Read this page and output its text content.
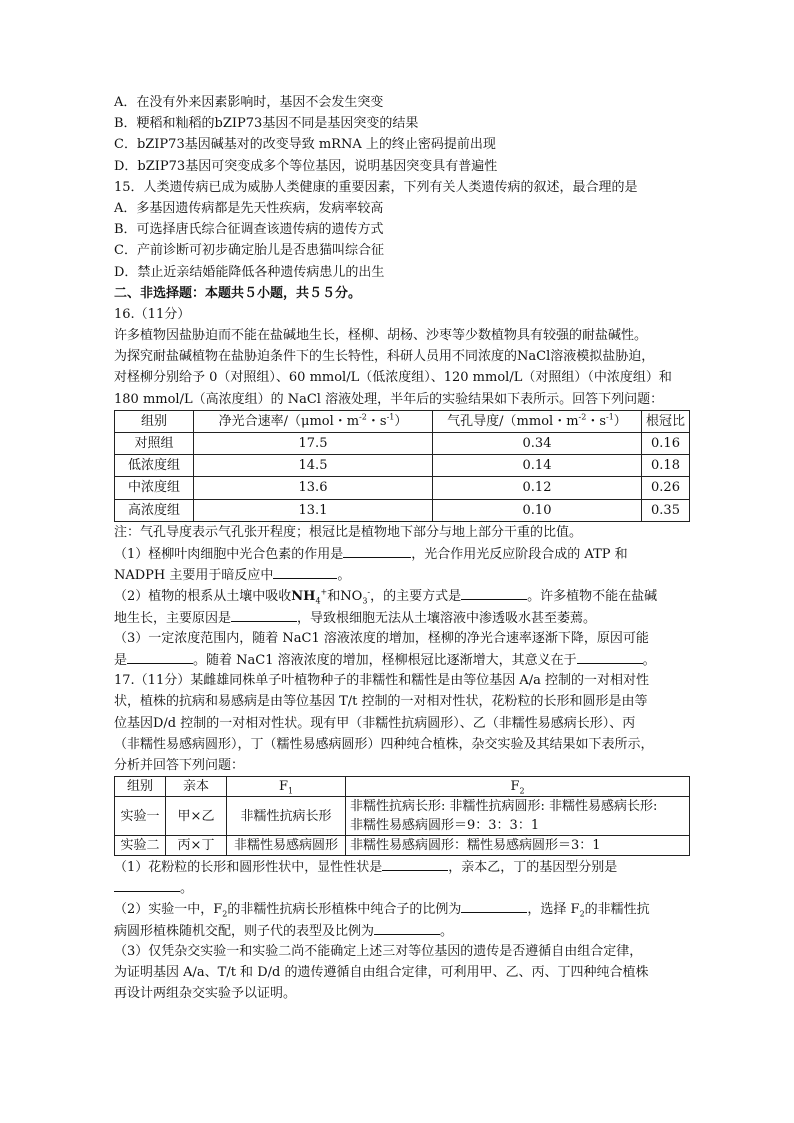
A．在没有外来因素影响时，基因不会发生突变
B．粳稻和籼稻的bZIP73基因不同是基因突变的结果
C．bZIP73基因碱基对的改变导致 mRNA 上的终止密码提前出现
D．bZIP73基因可突变成多个等位基因，说明基因突变具有普遍性
15．人类遗传病已成为威胁人类健康的重要因素，下列有关人类遗传病的叙述，最合理的是
A．多基因遗传病都是先天性疾病，发病率较高
B．可选择唐氏综合征调查该遗传病的遗传方式
C．产前诊断可初步确定胎儿是否患猫叫综合征
D．禁止近亲结婚能降低各种遗传病患儿的出生
二、非选择题：本题共５小题，共５５分。
16.（11分）
许多植物因盐胁迫而不能在盐碱地生长，柽柳、胡杨、沙枣等少数植物具有较强的耐盐碱性。
为探究耐盐碱植物在盐胁迫条件下的生长特性，科研人员用不同浓度的NaCl溶液模拟盐胁迫，
对柽柳分别给予 0（对照组）、60 mmol/L（低浓度组）、120 mmol/L（对照组）（中浓度组）和
180 mmol/L（高浓度组）的 NaCl 溶液处理，半年后的实验结果如下表所示。回答下列问题：
组别	净光合速率/（μmol・$m^{-2}$・$s^{-1}$）	气孔导度/（mmol・$m^{-2}$・$s^{-1}$）	根冠比
对照组	17.5	0.34	0.16
低浓度组	14.5	0.14	0.18
中浓度组	13.6	0.12	0.26
高浓度组	13.1	0.10	0.35
注：气孔导度表示气孔张开程度；根冠比是植物地下部分与地上部分干重的比值。
（1）柽柳叶肉细胞中光合色素的作用是	，光合作用光反应阶段合成的 ATP 和
NADPH 主要用于暗反应中	。
（2）植物的根系从土壤中吸收$NH_4^+$和$NO_3^-$，的主要方式是	。许多植物不能在盐碱
地生长，主要原因是	，导致根细胞无法从土壤溶液中渗透吸水甚至萎蔫。
（3）一定浓度范围内，随着 NaC1 溶液浓度的增加，柽柳的净光合速率逐渐下降，原因可能
是	。随着 NaC1 溶液浓度的增加，柽柳根冠比逐渐增大，其意义在于	。
17.（11分）某雌雄同株单子叶植物种子的非糯性和糯性是由等位基因 A/a 控制的一对相对性
状，植株的抗病和易感病是由等位基因 T/t 控制的一对相对性状，花粉粒的长形和圆形是由等
位基因D/d 控制的一对相对性状。现有甲（非糯性抗病圆形）、乙（非糯性易感病长形）、丙
（非糯性易感病圆形），丁（糯性易感病圆形）四种纯合植株，杂交实验及其结果如下表所示，
分析并回答下列问题：
组别	亲本	$F_1$	$F_2$
实验一	甲×乙	非糯性抗病长形	非糯性抗病长形: 非糯性抗病圆形: 非糯性易感病长形:
非糯性易感病圆形＝9：3：3：1

实验二	丙×丁	非糯性易感病圆形	非糯性易感病圆形：糯性易感病圆形＝3：1
（1）花粉粒的长形和圆形性状中，显性性状是	，亲本乙，丁的基因型分别是
。
（2）实验一中，$F_2$的非糯性抗病长形植株中纯合子的比例为	，选择 $F_2$的非糯性抗
病圆形植株随机交配，则子代的表型及比例为	。
（3）仅凭杂交实验一和实验二尚不能确定上述三对等位基因的遗传是否遵循自由组合定律，
为证明基因 A/a、T/t 和 D/d 的遗传遵循自由组合定律，可利用甲、乙、丙、丁四种纯合植株
再设计两组杂交实验予以证明。
